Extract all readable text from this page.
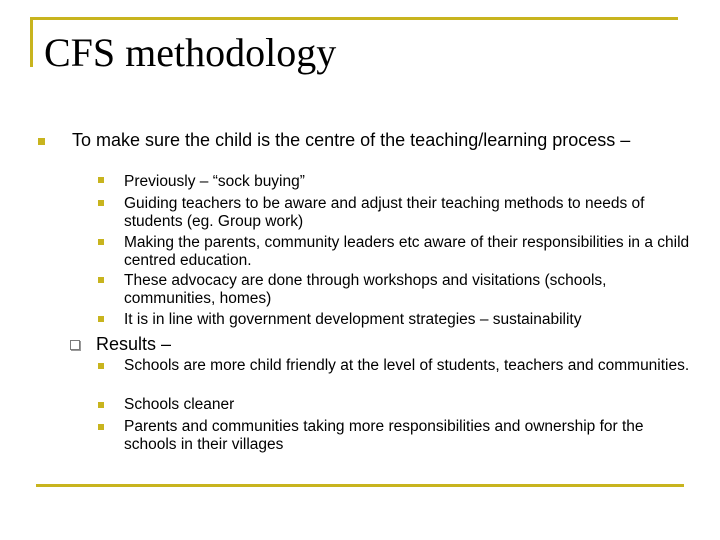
CFS methodology
To make sure the child is the centre of the teaching/learning process –
Previously – “sock buying”
Guiding teachers to be aware and adjust their teaching methods to needs of students (eg. Group work)
Making the parents, community leaders etc aware of their responsibilities in a child centred education.
These advocacy are done through workshops and visitations (schools, communities, homes)
It is in line with government development strategies – sustainability
Results –
Schools are more child friendly at the level of students, teachers and communities.
Schools cleaner
Parents and communities taking more responsibilities and ownership for the schools in their villages
